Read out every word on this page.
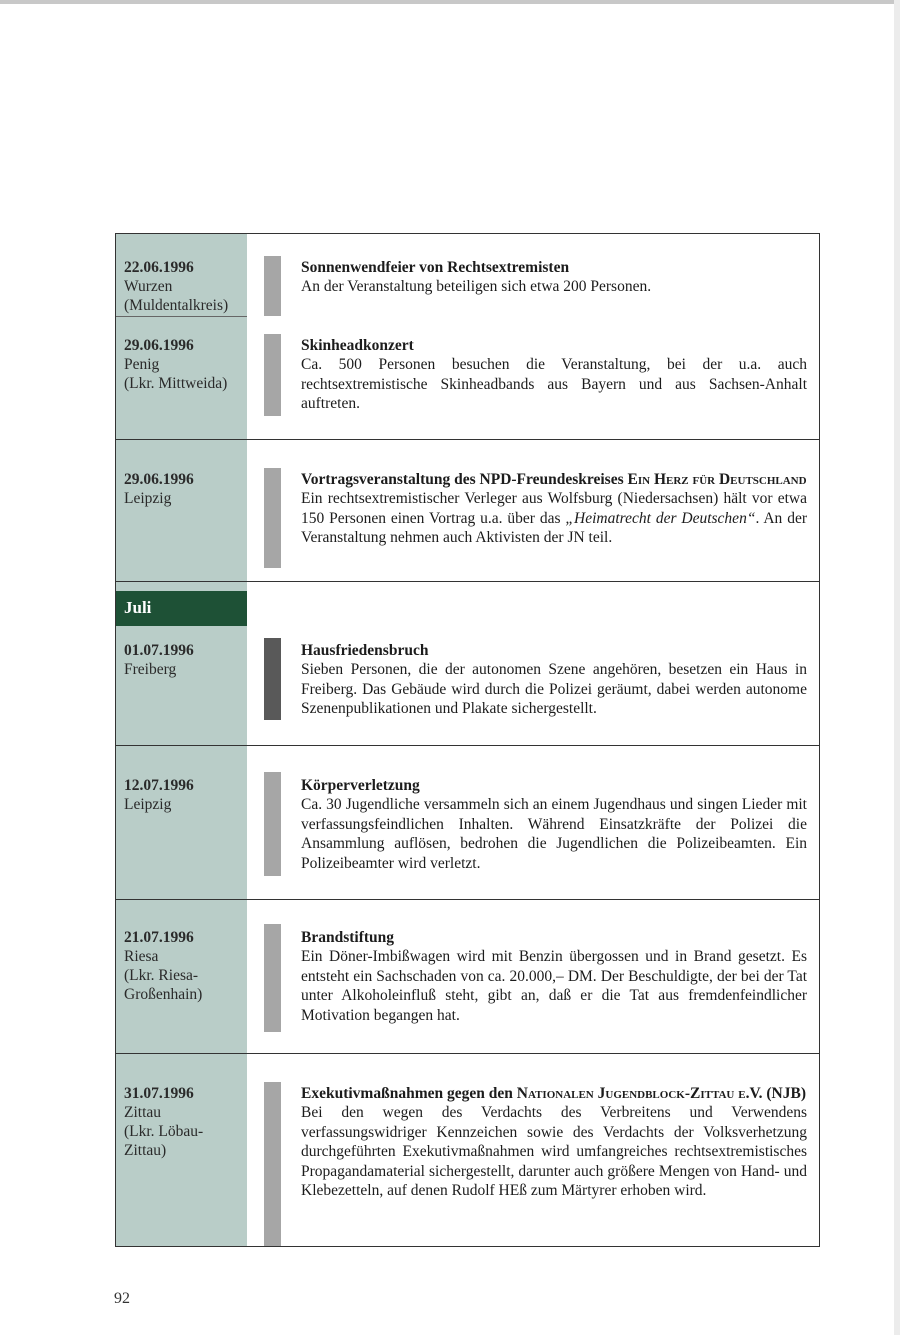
22.06.1996
Wurzen
(Muldentalkreis)
Sonnenwendfeier von Rechtsextremisten
An der Veranstaltung beteiligen sich etwa 200 Personen.
29.06.1996
Penig
(Lkr. Mittweida)
Skinheadkonzert
Ca. 500 Personen besuchen die Veranstaltung, bei der u.a. auch rechtsextremistische Skinheadbands aus Bayern und aus Sachsen-Anhalt auftreten.
29.06.1996
Leipzig
Vortragsveranstaltung des NPD-Freundeskreises Ein Herz für Deutschland
Ein rechtsextremistischer Verleger aus Wolfsburg (Niedersachsen) hält vor etwa 150 Personen einen Vortrag u.a. über das „Heimatrecht der Deutschen“. An der Veranstaltung nehmen auch Aktivisten der JN teil.
Juli
01.07.1996
Freiberg
Hausfriedensbruch
Sieben Personen, die der autonomen Szene angehören, besetzen ein Haus in Freiberg. Das Gebäude wird durch die Polizei geräumt, dabei werden autonome Szenenpublikationen und Plakate sichergestellt.
12.07.1996
Leipzig
Körperverletzung
Ca. 30 Jugendliche versammeln sich an einem Jugendhaus und singen Lieder mit verfassungsfeindlichen Inhalten. Während Einsatzkräfte der Polizei die Ansammlung auflösen, bedrohen die Jugendlichen die Polizeibeamten. Ein Polizeibeamter wird verletzt.
21.07.1996
Riesa
(Lkr. Riesa-
Großenhain)
Brandstiftung
Ein Döner-Imbißwagen wird mit Benzin übergossen und in Brand gesetzt. Es entsteht ein Sachschaden von ca. 20.000,– DM. Der Beschuldigte, der bei der Tat unter Alkoholeinfluß steht, gibt an, daß er die Tat aus fremdenfeindlicher Motivation begangen hat.
31.07.1996
Zittau
(Lkr. Löbau-
Zittau)
Exekutivmaßnahmen gegen den Nationalen Jugendblock-Zittau e.V. (NJB)
Bei den wegen des Verdachts des Verbreitens und Verwendens verfassungswidriger Kennzeichen sowie des Verdachts der Volksverhetzung durchgeführten Exekutivmaßnahmen wird umfangreiches rechtsextremistisches Propagandamaterial sichergestellt, darunter auch größere Mengen von Hand- und Klebezetteln, auf denen Rudolf HEß zum Märtyrer erhoben wird.
92
